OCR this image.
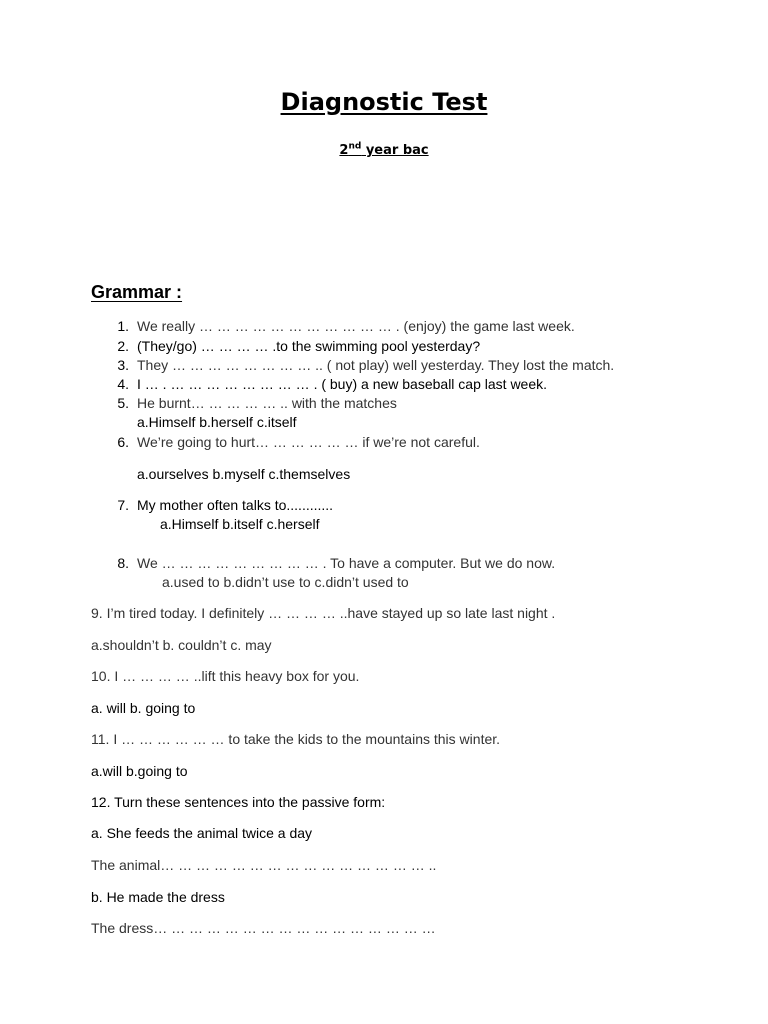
Diagnostic Test
2nd year bac
Grammar :
1. We really … … … … … … … … … … … . (enjoy) the game last week.
2. (They/go) … … … … .to the swimming pool yesterday?
3. They … … … … … … … … .. ( not play) well yesterday. They lost the match.
4. I … . … … … … … … … … . ( buy) a new baseball cap last week.
5. He burnt… … … … … .. with the matches
a.Himself b.herself c.itself
6. We’re going to hurt… … … … … … if we’re not careful.
a.ourselves b.myself c.themselves
7. My mother often talks to............
a.Himself b.itself c.herself
8. We … … … … … … … … … . To have a computer. But we do now.
a.used to b.didn’t use to c.didn’t used to
9. I’m tired today. I definitely … … … … ..have stayed up so late last night .
a.shouldn’t b. couldn’t c. may
10. I … … … … ..lift this heavy box for you.
a. will b. going to
11. I … … … … … … to take the kids to the mountains this winter.
a.will b.going to
12. Turn these sentences into the passive form:
a. She feeds the animal twice a day
The animal… … … … … … … … … … … … … … … ..
b. He made the dress
The dress… … … … … … … … … … … … … … … …
